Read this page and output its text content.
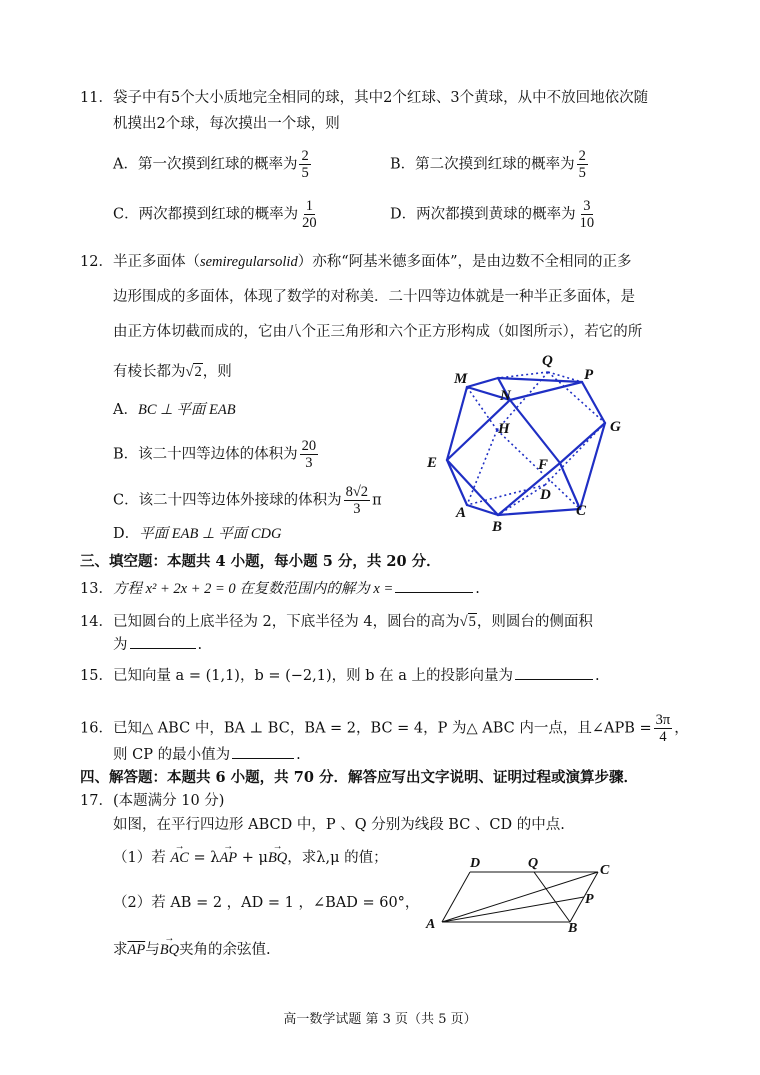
11．袋子中有5个大小质地完全相同的球，其中2个红球、3个黄球，从中不放回地依次随
机摸出2个球，每次摸出一个球，则
A．第一次摸到红球的概率为 $\frac{2}{5}$	B．第二次摸到红球的概率为 $\frac{2}{5}$
C．两次都摸到红球的概率为 $\frac{1}{20}$	D．两次都摸到黄球的概率为 $\frac{3}{10}$
12．半正多面体（semiregularsolid）亦称“阿基米德多面体”，是由边数不全相同的正多
边形围成的多面体，体现了数学的对称美．二十四等边体就是一种半正多面体，是
由正方体切截而成的，它由八个正三角形和六个正方形构成（如图所示），若它的所
有棱长都为√2，则
A．BC ⊥ 平面 EAB
B．该二十四等边体的体积为 $\frac{20}{3}$
C．该二十四等边体外接球的体积为 $\frac{8√2}{3}$ π
D．平面 EAB ⊥ 平面 CDG
Q
M	P
N
H	G
E	F
D
A
B
C
三、填空题：本题共 4 小题，每小题 5 分，共 20 分．
13．方程 x² + 2x + 2 = 0 在复数范围内的解为 x =	.
14．已知圆台的上底半径为 2，下底半径为 4，圆台的高为√5，则圆台的侧面积
为	.
15．已知向量 a = (1,1)，b = (−2,1)，则 b 在 a 上的投影向量为	.
16．已知△ ABC 中，BA ⊥ BC，BA = 2，BC = 4，P 为△ ABC 内一点，且∠APB = $\frac{3\pi}{4}$ ，
则 CP 的最小值为	.
四、解答题：本题共 6 小题，共 70 分．解答应写出文字说明、证明过程或演算步骤．
17．(本题满分 10 分)
如图，在平行四边形 ABCD 中，P 、Q 分别为线段 BC 、CD 的中点.
（1）若 → AC = λ→ AP + μ→ BQ，求λ,μ 的值；
（2）若 AB = 2 ，AD = 1 ，∠BAD = 60°，
求$\overline{AP}$与→ BQ夹角的余弦值.
D	Q	C
P
A	B
高一数学试题 第 3 页（共 5 页）
